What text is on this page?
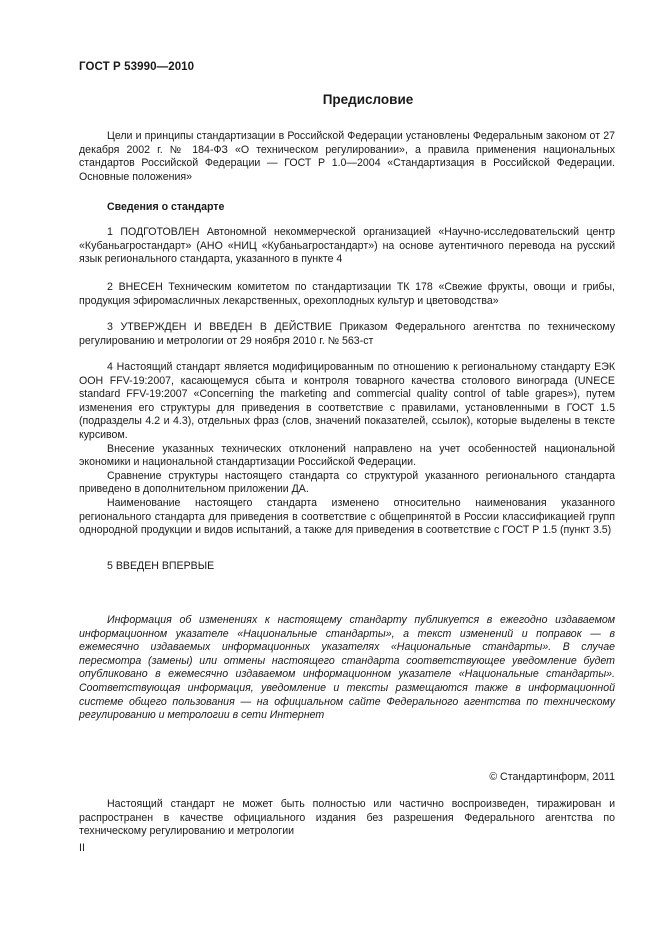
ГОСТ Р 53990—2010
Предисловие

Цели и принципы стандартизации в Российской Федерации установлены Федеральным законом от 27 декабря 2002 г. № 184-ФЗ «О техническом регулировании», а правила применения национальных стандартов Российской Федерации — ГОСТ Р 1.0—2004 «Стандартизация в Российской Федерации. Основные положения»

Сведения о стандарте

1 ПОДГОТОВЛЕН Автономной некоммерческой организацией «Научно-исследовательский центр «Кубаньагростандарт» (АНО «НИЦ «Кубаньагростандарт») на основе аутентичного перевода на русский язык регионального стандарта, указанного в пункте 4

2 ВНЕСЕН Техническим комитетом по стандартизации ТК 178 «Свежие фрукты, овощи и грибы, продукция эфиромасличных лекарственных, орехоплодных культур и цветоводства»

3 УТВЕРЖДЕН И ВВЕДЕН В ДЕЙСТВИЕ Приказом Федерального агентства по техническому регулированию и метрологии от 29 ноября 2010 г. № 563-ст

4 Настоящий стандарт является модифицированным по отношению к региональному стандарту ЕЭК ООН FFV-19:2007, касающемуся сбыта и контроля товарного качества столового винограда (UNECE standard FFV-19:2007 «Concerning the marketing and commercial quality control of table grapes»), путем изменения его структуры для приведения в соответствие с правилами, установленными в ГОСТ 1.5 (подразделы 4.2 и 4.3), отдельных фраз (слов, значений показателей, ссылок), которые выделены в тексте курсивом.

Внесение указанных технических отклонений направлено на учет особенностей национальной экономики и национальной стандартизации Российской Федерации.

Сравнение структуры настоящего стандарта со структурой указанного регионального стандарта приведено в дополнительном приложении ДА.

Наименование настоящего стандарта изменено относительно наименования указанного регионального стандарта для приведения в соответствие с общепринятой в России классификацией групп однородной продукции и видов испытаний, а также для приведения в соответствие с ГОСТ Р 1.5 (пункт 3.5)

5 ВВЕДЕН ВПЕРВЫЕ

Информация об изменениях к настоящему стандарту публикуется в ежегодно издаваемом информационном указателе «Национальные стандарты», а текст изменений и поправок — в ежемесячно издаваемых информационных указателях «Национальные стандарты». В случае пересмотра (замены) или отмены настоящего стандарта соответствующее уведомление будет опубликовано в ежемесячно издаваемом информационном указателе «Национальные стандарты». Соответствующая информация, уведомление и тексты размещаются также в информационной системе общего пользования — на официальном сайте Федерального агентства по техническому регулированию и метрологии в сети Интернет

© Стандартинформ, 2011

Настоящий стандарт не может быть полностью или частично воспроизведен, тиражирован и распространен в качестве официального издания без разрешения Федерального агентства по техническому регулированию и метрологии

II
